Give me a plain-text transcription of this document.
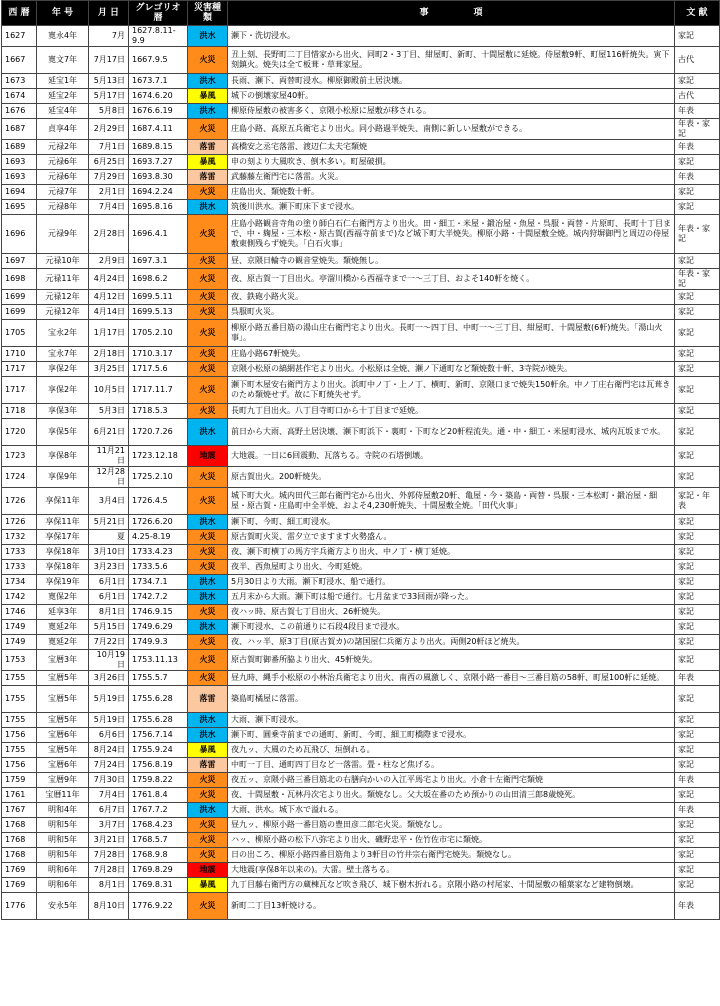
西 暦	年 号	月 日	グレゴリオ暦	災害種類	事　　　　　項	文 献
1627	寛永4年	7月	1627.8.11-9.9	洪水	瀬下・洗切浸水。	家記
1667	寛文7年	7月17日	1667.9.5	火災	丑上刻、長野町二丁目惜家から出火、同町2・3丁目、紺屋町、新町、十間屋敷に延焼。侍屋敷9軒、町屋116軒焼失。寅下刻鎮火。焼失は全て板葺・草葺家屋。	古代
1673	延宝1年	5月13日	1673.7.1	洪水	長雨、瀬下、両替町浸水。柳原御殿前土居決壊。	家記
1674	延宝2年	5月17日	1674.6.20	暴風	城下の倒壊家屋40軒。	古代
1676	延宝4年	5月8日	1676.6.19	洪水	柳原侍屋敷の被害多く、京隈小松原に屋敷が移される。	年表
1687	貞享4年	2月29日	1687.4.11	火災	庄島小路、高原五兵衛宅より出火。同小路過半焼失、南側に新しい屋敷ができる。	年表・家記
1689	元禄2年	7月1日	1689.8.15	落雷	高橋安之丞宅落雷、渡辺仁太夫宅類焼	年表
1693	元禄6年	6月25日	1693.7.27	暴風	申の刻より大風吹き、倒木多い。町屋破損。	家記
1693	元禄6年	7月29日	1693.8.30	落雷	武藤藤左衛門宅に落雷。火災。	年表
1694	元禄7年	2月1日	1694.2.24	火災	庄島出火、類焼数十軒。	家記
1695	元禄8年	7月4日	1695.8.16	洪水	筑後川洪水。瀬下町床下まで浸水。	家記
1696	元禄9年	2月28日	1696.4.1	火災	庄島小路観音寺角の塗り師白石仁右衛門方より出火。田・細工・米屋・鍛冶屋・魚屋・呉服・両替・片原町、長町十丁目まで、中・麹屋・三本松・原古賀(西福寺前まで)など城下町大半焼失。柳原小路・十間屋敷全焼。城内狩塀御門と周辺の侍屋敷東側残らず焼失。「白石火事」	年表・家記
1697	元禄10年	2月9日	1697.3.1	火災	昼、京隈日輪寺の観音堂焼失。類焼無し。	家記
1698	元禄11年	4月24日	1698.6.2	火災	夜、原古賀一丁目出火。亭溜川橋から西福寺まで一～三丁目、およそ140軒を焼く。	年表・家記
1699	元禄12年	4月12日	1699.5.11	火災	夜、鉄砲小路火災。	家記
1699	元禄12年	4月14日	1699.5.13	火災	呉服町火災。	家記
1705	宝永2年	1月17日	1705.2.10	火災	柳原小路五番目筋の湯山庄右衛門宅より出火。長町一～四丁目、中町一～三丁目、紺屋町、十間屋敷(6軒)焼失。「湯山火事」。	家記
1710	宝永7年	2月18日	1710.3.17	火災	庄島小路67軒焼失。	家記
1717	享保2年	3月25日	1717.5.6	火災	京隈小松原の縞網甚作宅より出火。小松原は全焼、瀬ノ下通町など類焼数十軒、3寺院が焼失。	家記
1717	享保2年	10月5日	1717.11.7	火災	瀬下町木屋安右衛門方より出火。浜町中ノ丁・上ノ丁、横町、新町、京隈口まで焼失150軒余。中ノ丁庄右衛門宅は瓦葺きのため類焼せず。故に下町焼失せず。	家記
1718	享保3年	5月3日	1718.5.3	火災	長町九丁目出火。八丁目寺町口から十丁目まで延焼。	家記
1720	享保5年	6月21日	1720.7.26	洪水	前日から大雨、高野土居決壊、瀬下町浜下・裏町・下町など20軒程流失。通・中・細工・米屋町浸水、城内瓦坂まで水。	家記
1723	享保8年	11月21日	1723.12.18	地震	大地震。一日に6回震動、瓦落ちる。寺院の石塔倒壊。	家記
1724	享保9年	12月28日	1725.2.10	火災	原古賀出火。200軒焼失。	家記
1726	享保11年	3月4日	1726.4.5	火災	城下町大火。城内田代三郎右衛門宅から出火、外郭侍屋敷20軒、亀屋・今・築島・両替・呉服・三本松町・鍛冶屋・細屋・原古賀・庄島町中全半焼、およそ4,230軒焼失、十間屋敷全焼。「田代火事」	家記・年表
1726	享保11年	5月21日	1726.6.20	洪水	瀬下町、今町、細工町浸水。	家記
1732	享保17年	夏	4.25-8.19	火災	原古賀町火災、雷夕立でますます火勢盛ん。	家記
1733	享保18年	3月10日	1733.4.23	火災	夜、瀬下町横丁の馬方宇兵衛方より出火、中ノ丁・横丁延焼。	家記
1733	享保18年	3月23日	1733.5.6	火災	夜半、西魚屋町より出火、今町延焼。	家記
1734	享保19年	6月1日	1734.7.1	洪水	5月30日より大雨。瀬下町浸水、船で通行。	家記
1742	寛保2年	6月1日	1742.7.2	洪水	五月末から大雨。瀬下町は船で通行。七月盆まで33回雨が降った。	家記
1746	延享3年	8月1日	1746.9.15	火災	夜ハッ時、原古賀七丁目出火、26軒焼失。	家記
1749	寛延2年	5月15日	1749.6.29	洪水	瀬下町浸水、この前通りに石段4段目まで浸水。	家記
1749	寛延2年	7月22日	1749.9.3	火災	夜、ハッ半、原3丁目(原古賀カ)の諸国屋仁兵衛方より出火。両側20軒ほど焼失。	家記
1753	宝暦3年	10月19日	1753.11.13	火災	原古賀町御番所脇より出火、45軒焼失。	家記
1755	宝暦5年	3月26日	1755.5.7	火災	昼九時、縄手小松原の小林治兵衛宅より出火、南西の風激しく、京隈小路一番目～三番目筋の58軒、町屋100軒に延焼。	年表
1755	宝暦5年	5月19日	1755.6.28	落雷	築島町橘屋に落雷。	家記
1755	宝暦5年	5月19日	1755.6.28	洪水	大雨、瀬下町浸水。	家記
1756	宝暦6年	6月6日	1756.7.14	洪水	瀬下町、圓乗寺前までの通町、新町、今町、細工町橋際まで浸水。	家記
1755	宝暦5年	8月24日	1755.9.24	暴風	夜九ッ、大風のため瓦飛び、垣倒れる。	家記
1756	宝暦6年	7月24日	1756.8.19	落雷	中町一丁目、通町四丁目など一落雷。畳・柱など焦げる。	家記
1759	宝暦9年	7月30日	1759.8.22	火災	夜五ッ、京隈小路三番目筋北の右膳向かいの入江平馬宅より出火。小倉十左衛門宅類焼	年表
1761	宝暦11年	7月4日	1761.8.4	火災	夜、十間屋敷・瓦林丹次宅より出火。類焼なし。父大坂在番のため預かりの山田清三郎8歳焼死。	家記
1767	明和4年	6月7日	1767.7.2	洪水	大雨、洪水。城下水で溢れる。	年表
1768	明和5年	3月7日	1768.4.23	火災	昼九ッ、柳原小路一番目筋の豊田彦二郎宅火災。類焼なし。	家記
1768	明和5年	3月21日	1768.5.7	火災	ハッ、柳原小路の松下八弥宅より出火、磯野忠平・佐竹佐市宅に類焼。	家記
1768	明和5年	7月28日	1768.9.8	火災	日の出ころ、柳原小路四番目筋角より3軒目の竹井宗右衛門宅焼失。類焼なし。	家記
1769	明和6年	7月28日	1769.8.29	地震	大地震(享保8年以来の)。大雷。壁土落ちる。	家記
1769	明和6年	8月1日	1769.8.31	暴風	九丁目藤右衛門方の蔵棟瓦など吹き飛び、城下樹木折れる。京隈小路の村尾家、十間屋敷の稲葉家など建物倒壊。	家記
1776	安永5年	8月10日	1776.9.22	火災	新町二丁目13軒焼ける。	年表
